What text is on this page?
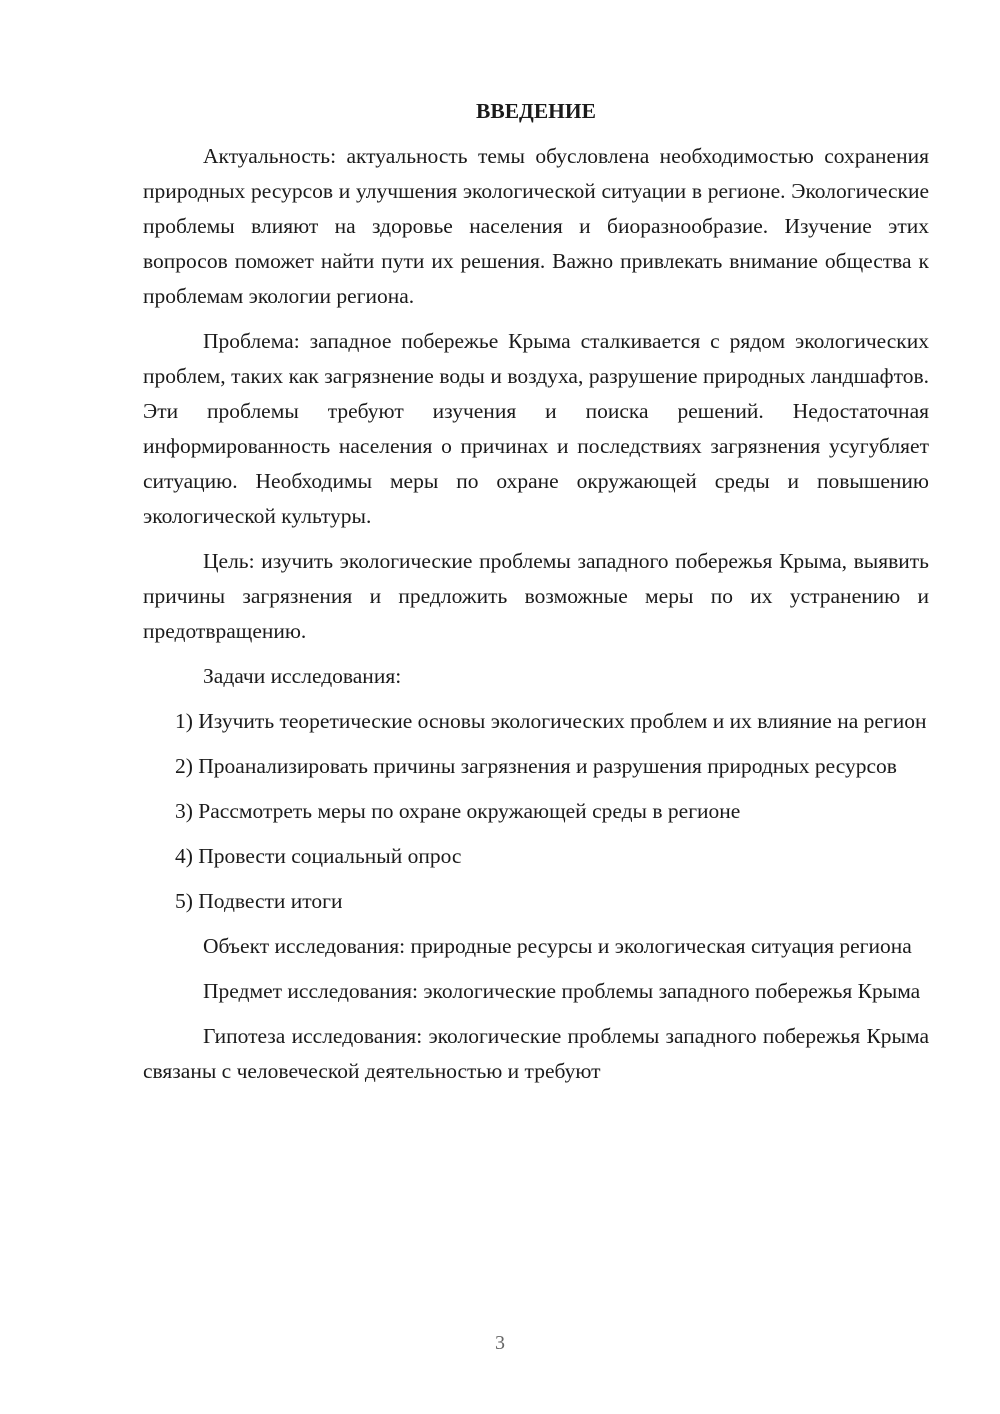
ВВЕДЕНИЕ

Актуальность: актуальность темы обусловлена необходимостью сохранения природных ресурсов и улучшения экологической ситуации в регионе. Экологические проблемы влияют на здоровье населения и биоразнообразие. Изучение этих вопросов поможет найти пути их решения. Важно привлекать внимание общества к проблемам экологии региона.

Проблема: западное побережье Крыма сталкивается с рядом экологических проблем, таких как загрязнение воды и воздуха, разрушение природных ландшафтов. Эти проблемы требуют изучения и поиска решений. Недостаточная информированность населения о причинах и последствиях загрязнения усугубляет ситуацию. Необходимы меры по охране окружающей среды и повышению экологической культуры.

Цель: изучить экологические проблемы западного побережья Крыма, выявить причины загрязнения и предложить возможные меры по их устранению и предотвращению.

Задачи исследования:

1) Изучить теоретические основы экологических проблем и их влияние на регион

2) Проанализировать причины загрязнения и разрушения природных ресурсов

3) Рассмотреть меры по охране окружающей среды в регионе

4) Провести социальный опрос

5) Подвести итоги

Объект исследования: природные ресурсы и экологическая ситуация региона

Предмет исследования: экологические проблемы западного побережья Крыма

Гипотеза исследования: экологические проблемы западного побережья Крыма связаны с человеческой деятельностью и требуют

3
